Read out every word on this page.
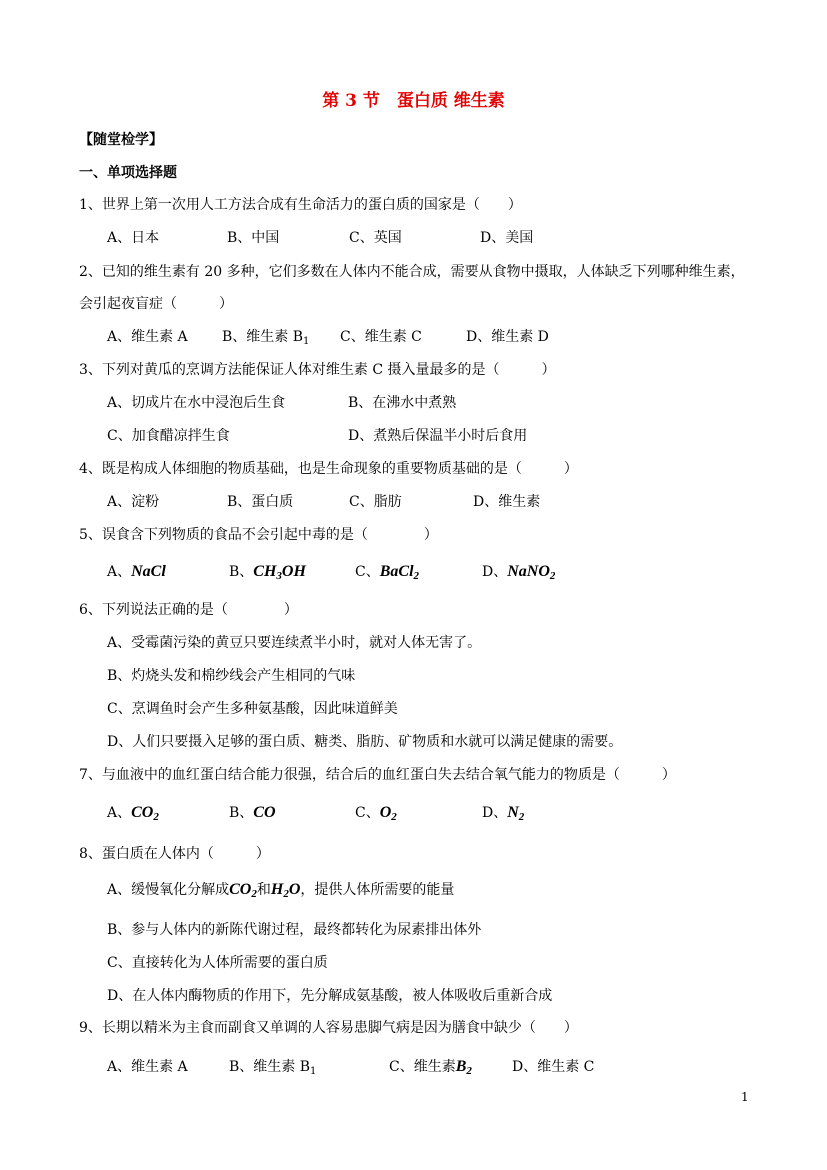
第 3 节　蛋白质 维生素
【随堂检学】
一、单项选择题
1、世界上第一次用人工方法合成有生命活力的蛋白质的国家是（　　）
A、日本	B、中国	C、英国	D、美国
2、已知的维生素有 20 多种，它们多数在人体内不能合成，需要从食物中摄取，人体缺乏下列哪种维生素，
会引起夜盲症（　　　）
A、维生素 A B、维生素 $B_1$ C、维生素 C	D、维生素 D
3、下列对黄瓜的烹调方法能保证人体对维生素 C 摄入量最多的是（　　　）
A、切成片在水中浸泡后生食	B、在沸水中煮熟
C、加食醋凉拌生食	D、煮熟后保温半小时后食用
4、既是构成人体细胞的物质基础，也是生命现象的重要物质基础的是（　　　）
A、淀粉	B、蛋白质	C、脂肪	D、维生素
5、误食含下列物质的食品不会引起中毒的是（　　　　）
A、NaCl	B、$CH_3OH$	C、BaCl$_2$	D、NaNO$_2$
6、下列说法正确的是（　　　　）
A、受霉菌污染的黄豆只要连续煮半小时，就对人体无害了。
B、灼烧头发和棉纱线会产生相同的气味
C、烹调鱼时会产生多种氨基酸，因此味道鲜美
D、人们只要摄入足够的蛋白质、糖类、脂肪、矿物质和水就可以满足健康的需要。
7、与血液中的血红蛋白结合能力很强，结合后的血红蛋白失去结合氧气能力的物质是（　　　）
A、$CO_2$	B、CO	C、$O_2$	D、$N_2$
8、蛋白质在人体内（　　　）
A、缓慢氧化分解成$CO_2$和$H_2O$，提供人体所需要的能量
B、参与人体内的新陈代谢过程，最终都转化为尿素排出体外
C、直接转化为人体所需要的蛋白质
D、在人体内酶物质的作用下，先分解成氨基酸，被人体吸收后重新合成
9、长期以精米为主食而副食又单调的人容易患脚气病是因为膳食中缺少（　　）
A、维生素 A	B、维生素 $B_1$	C、维生素$B_2$	D、维生素 C
1
